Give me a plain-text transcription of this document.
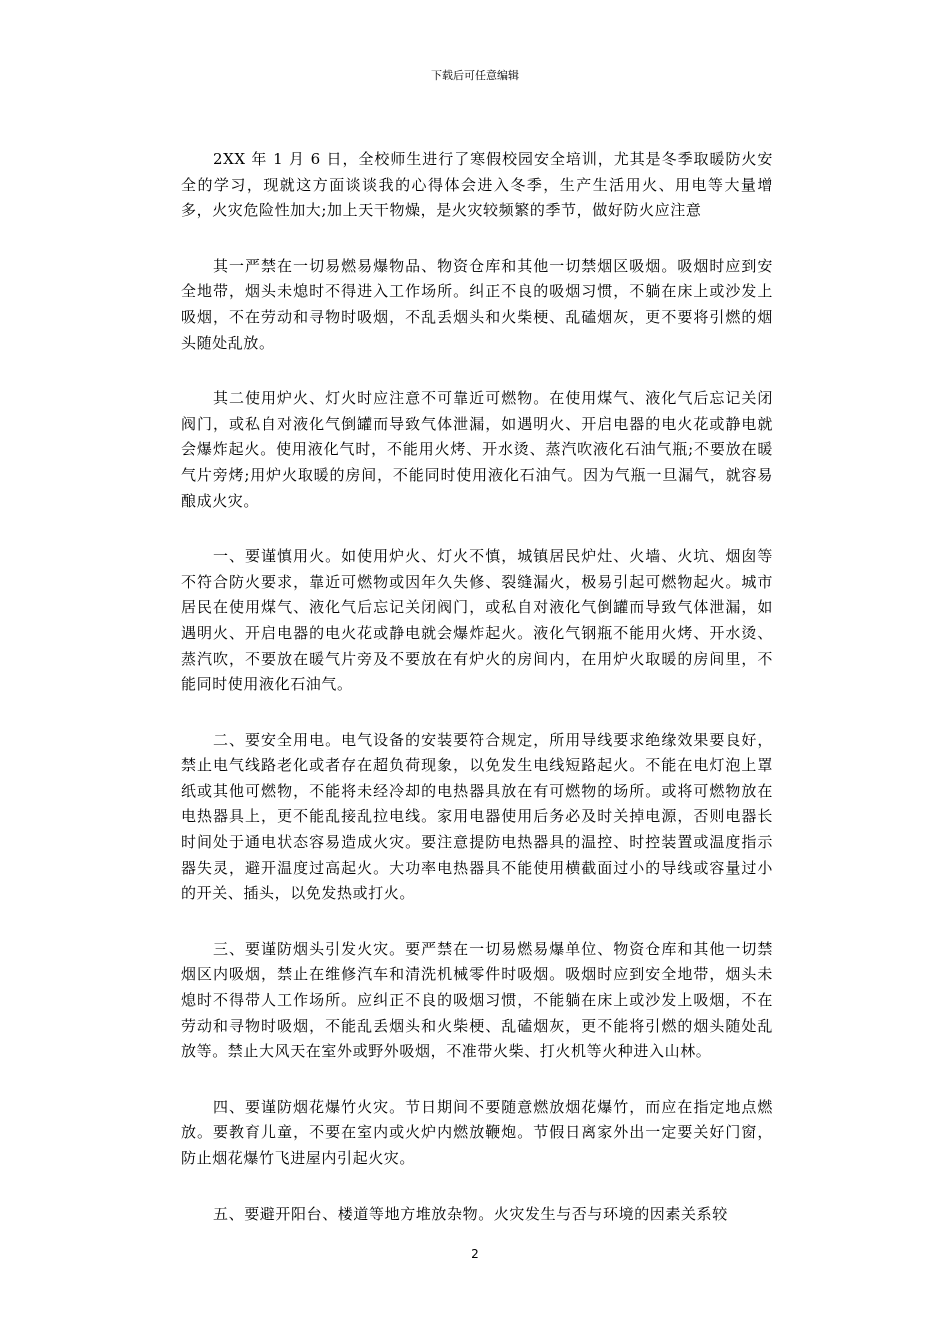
下载后可任意编辑

2XX 年 1 月 6 日，全校师生进行了寒假校园安全培训，尤其是冬季取暖防火安全的学习，现就这方面谈谈我的心得体会进入冬季，生产生活用火、用电等大量增多，火灾危险性加大;加上天干物燥，是火灾较频繁的季节，做好防火应注意

其一严禁在一切易燃易爆物品、物资仓库和其他一切禁烟区吸烟。吸烟时应到安全地带，烟头未熄时不得进入工作场所。纠正不良的吸烟习惯，不躺在床上或沙发上吸烟，不在劳动和寻物时吸烟，不乱丢烟头和火柴梗、乱磕烟灰，更不要将引燃的烟头随处乱放。

其二使用炉火、灯火时应注意不可靠近可燃物。在使用煤气、液化气后忘记关闭阀门，或私自对液化气倒罐而导致气体泄漏，如遇明火、开启电器的电火花或静电就会爆炸起火。使用液化气时，不能用火烤、开水烫、蒸汽吹液化石油气瓶;不要放在暖气片旁烤;用炉火取暖的房间，不能同时使用液化石油气。因为气瓶一旦漏气，就容易酿成火灾。

一、要谨慎用火。如使用炉火、灯火不慎，城镇居民炉灶、火墙、火坑、烟囱等不符合防火要求，靠近可燃物或因年久失修、裂缝漏火，极易引起可燃物起火。城市居民在使用煤气、液化气后忘记关闭阀门，或私自对液化气倒罐而导致气体泄漏，如遇明火、开启电器的电火花或静电就会爆炸起火。液化气钢瓶不能用火烤、开水烫、蒸汽吹，不要放在暖气片旁及不要放在有炉火的房间内，在用炉火取暖的房间里，不能同时使用液化石油气。

二、要安全用电。电气设备的安装要符合规定，所用导线要求绝缘效果要良好，禁止电气线路老化或者存在超负荷现象，以免发生电线短路起火。不能在电灯泡上罩纸或其他可燃物，不能将未经冷却的电热器具放在有可燃物的场所。或将可燃物放在电热器具上，更不能乱接乱拉电线。家用电器使用后务必及时关掉电源，否则电器长时间处于通电状态容易造成火灾。要注意提防电热器具的温控、时控装置或温度指示器失灵，避开温度过高起火。大功率电热器具不能使用横截面过小的导线或容量过小的开关、插头，以免发热或打火。

三、要谨防烟头引发火灾。要严禁在一切易燃易爆单位、物资仓库和其他一切禁烟区内吸烟，禁止在维修汽车和清洗机械零件时吸烟。吸烟时应到安全地带，烟头未熄时不得带人工作场所。应纠正不良的吸烟习惯，不能躺在床上或沙发上吸烟，不在劳动和寻物时吸烟，不能乱丢烟头和火柴梗、乱磕烟灰，更不能将引燃的烟头随处乱放等。禁止大风天在室外或野外吸烟，不准带火柴、打火机等火种进入山林。

四、要谨防烟花爆竹火灾。节日期间不要随意燃放烟花爆竹，而应在指定地点燃放。要教育儿童，不要在室内或火炉内燃放鞭炮。节假日离家外出一定要关好门窗，防止烟花爆竹飞进屋内引起火灾。

五、要避开阳台、楼道等地方堆放杂物。火灾发生与否与环境的因素关系较

2
